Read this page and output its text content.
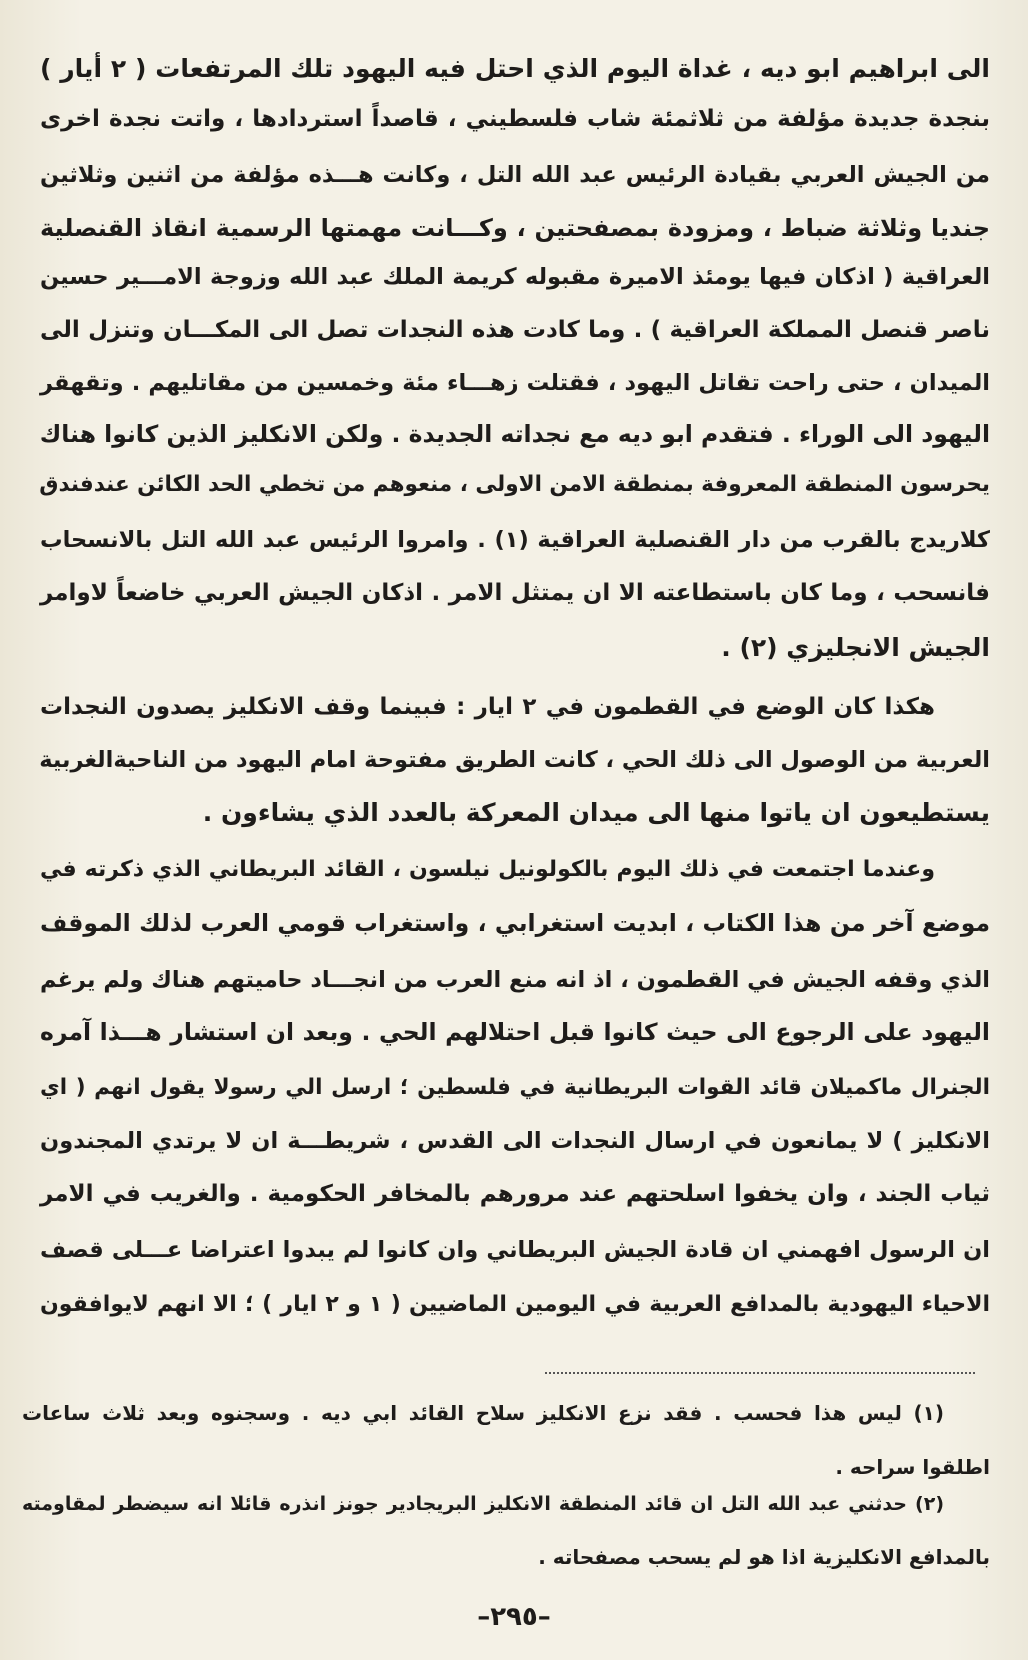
الى ابراهيم ابو ديه ، غداة اليوم الذي احتل فيه اليهود تلك المرتفعات ( ٢ أيار )
بنجدة جديدة مؤلفة من ثلاثمئة شاب فلسطيني ، قاصداً استردادها ، واتت نجدة اخرى
من الجيش العربي بقيادة الرئيس عبد الله التل ، وكانت هـــذه مؤلفة من اثنين وثلاثين
جنديا وثلاثة ضباط ، ومزودة بمصفحتين ، وكـــانت مهمتها الرسمية انقاذ القنصلية
العراقية ( اذكان فيها يومئذ الاميرة مقبوله كريمة الملك عبد الله وزوجة الامـــير حسين
ناصر قنصل المملكة العراقية ) . وما كادت هذه النجدات تصل الى المكـــان وتنزل الى
الميدان ، حتى راحت تقاتل اليهود ، فقتلت زهـــاء مئة وخمسين من مقاتليهم . وتقهقر
اليهود الى الوراء . فتقدم ابو ديه مع نجداته الجديدة . ولكن الانكليز الذين كانوا هناك
يحرسون المنطقة المعروفة بمنطقة الامن الاولى ، منعوهم من تخطي الحد الكائن عندفندق
كلاريدج بالقرب من دار القنصلية العراقية (١) . وامروا الرئيس عبد الله التل بالانسحاب
فانسحب ، وما كان باستطاعته الا ان يمتثل الامر . اذكان الجيش العربي خاضعاً لاوامر
الجيش الانجليزي (٢) .
هكذا كان الوضع في القطمون في ٢ ايار : فبينما وقف الانكليز يصدون النجدات
العربية من الوصول الى ذلك الحي ، كانت الطريق مفتوحة امام اليهود من الناحيةالغربية
يستطيعون ان ياتوا منها الى ميدان المعركة بالعدد الذي يشاءون .
وعندما اجتمعت في ذلك اليوم بالكولونيل نيلسون ، القائد البريطاني الذي ذكرته في
موضع آخر من هذا الكتاب ، ابديت استغرابي ، واستغراب قومي العرب لذلك الموقف
الذي وقفه الجيش في القطمون ، اذ انه منع العرب من انجـــاد حاميتهم هناك ولم يرغم
اليهود على الرجوع الى حيث كانوا قبل احتلالهم الحي . وبعد ان استشار هـــذا آمره
الجنرال ماكميلان قائد القوات البريطانية في فلسطين ؛ ارسل الي رسولا يقول انهم ( اي
الانكليز ) لا يمانعون في ارسال النجدات الى القدس ، شريطـــة ان لا يرتدي المجندون
ثياب الجند ، وان يخفوا اسلحتهم عند مرورهم بالمخافر الحكومية . والغريب في الامر
ان الرسول افهمني ان قادة الجيش البريطاني وان كانوا لم يبدوا اعتراضا عـــلى قصف
الاحياء اليهودية بالمدافع العربية في اليومين الماضيين ( ١ و ٢ ايار ) ؛ الا انهم لايوافقون
(١) ليس هذا فحسب . فقد نزع الانكليز سلاح القائد ابي ديه . وسجنوه وبعد ثلاث ساعات
اطلقوا سراحه .
(٢) حدثني عبد الله التل ان قائد المنطقة الانكليز البريجادير جونز انذره قائلا انه سيضطر لمقاومته
بالمدافع الانكليزية اذا هو لم يسحب مصفحاته .
–٢٩٥–
